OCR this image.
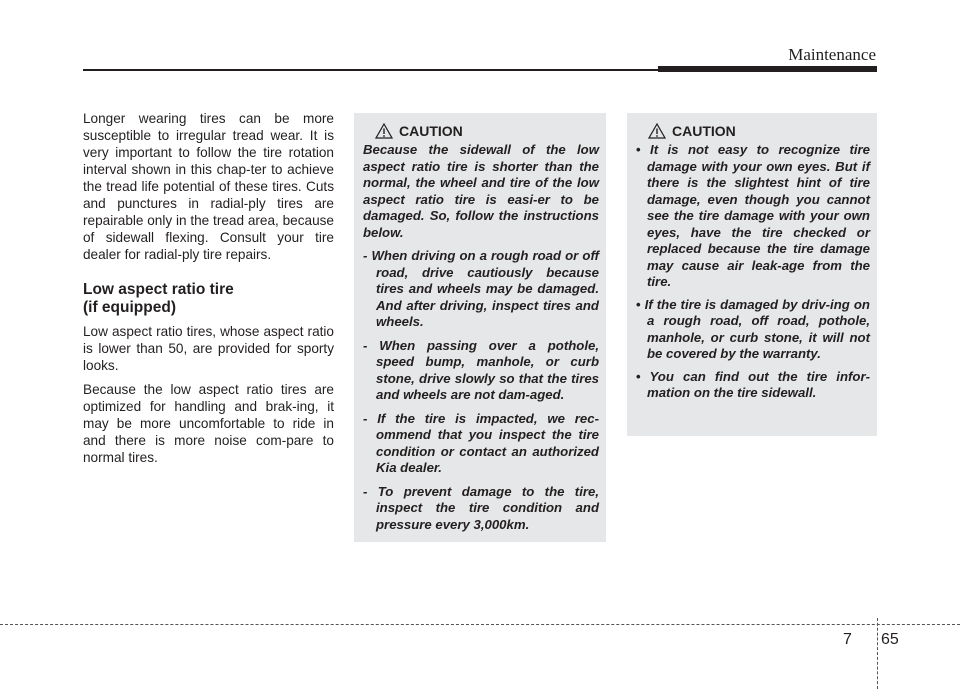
Maintenance

Longer wearing tires can be more susceptible to irregular tread wear. It is very important to follow the tire rotation interval shown in this chap-ter to achieve the tread life potential of these tires. Cuts and punctures in radial-ply tires are repairable only in the tread area, because of sidewall flexing. Consult your tire dealer for radial-ply tire repairs.

Low aspect ratio tire
(if equipped)

Low aspect ratio tires, whose aspect ratio is lower than 50, are provided for sporty looks.

Because the low aspect ratio tires are optimized for handling and brak-ing, it may be more uncomfortable to ride in and there is more noise com-pare to normal tires.

CAUTION

Because the sidewall of the low aspect ratio tire is shorter than the normal, the wheel and tire of the low aspect ratio tire is easi-er to be damaged. So, follow the instructions below.

- When driving on a rough road or off road, drive cautiously because tires and wheels may be damaged. And after driving, inspect tires and wheels.

- When passing over a pothole, speed bump, manhole, or curb stone, drive slowly so that the tires and wheels are not dam-aged.

- If the tire is impacted, we rec-ommend that you inspect the tire condition or contact an authorized Kia dealer.

- To prevent damage to the tire, inspect the tire condition and pressure every 3,000km.

CAUTION

• It is not easy to recognize tire damage with your own eyes. But if there is the slightest hint of tire damage, even though you cannot see the tire damage with your own eyes, have the tire checked or replaced because the tire damage may cause air leak-age from the tire.

• If the tire is damaged by driv-ing on a rough road, off road, pothole, manhole, or curb stone, it will not be covered by the warranty.

• You can find out the tire infor-mation on the tire sidewall.

7 65
